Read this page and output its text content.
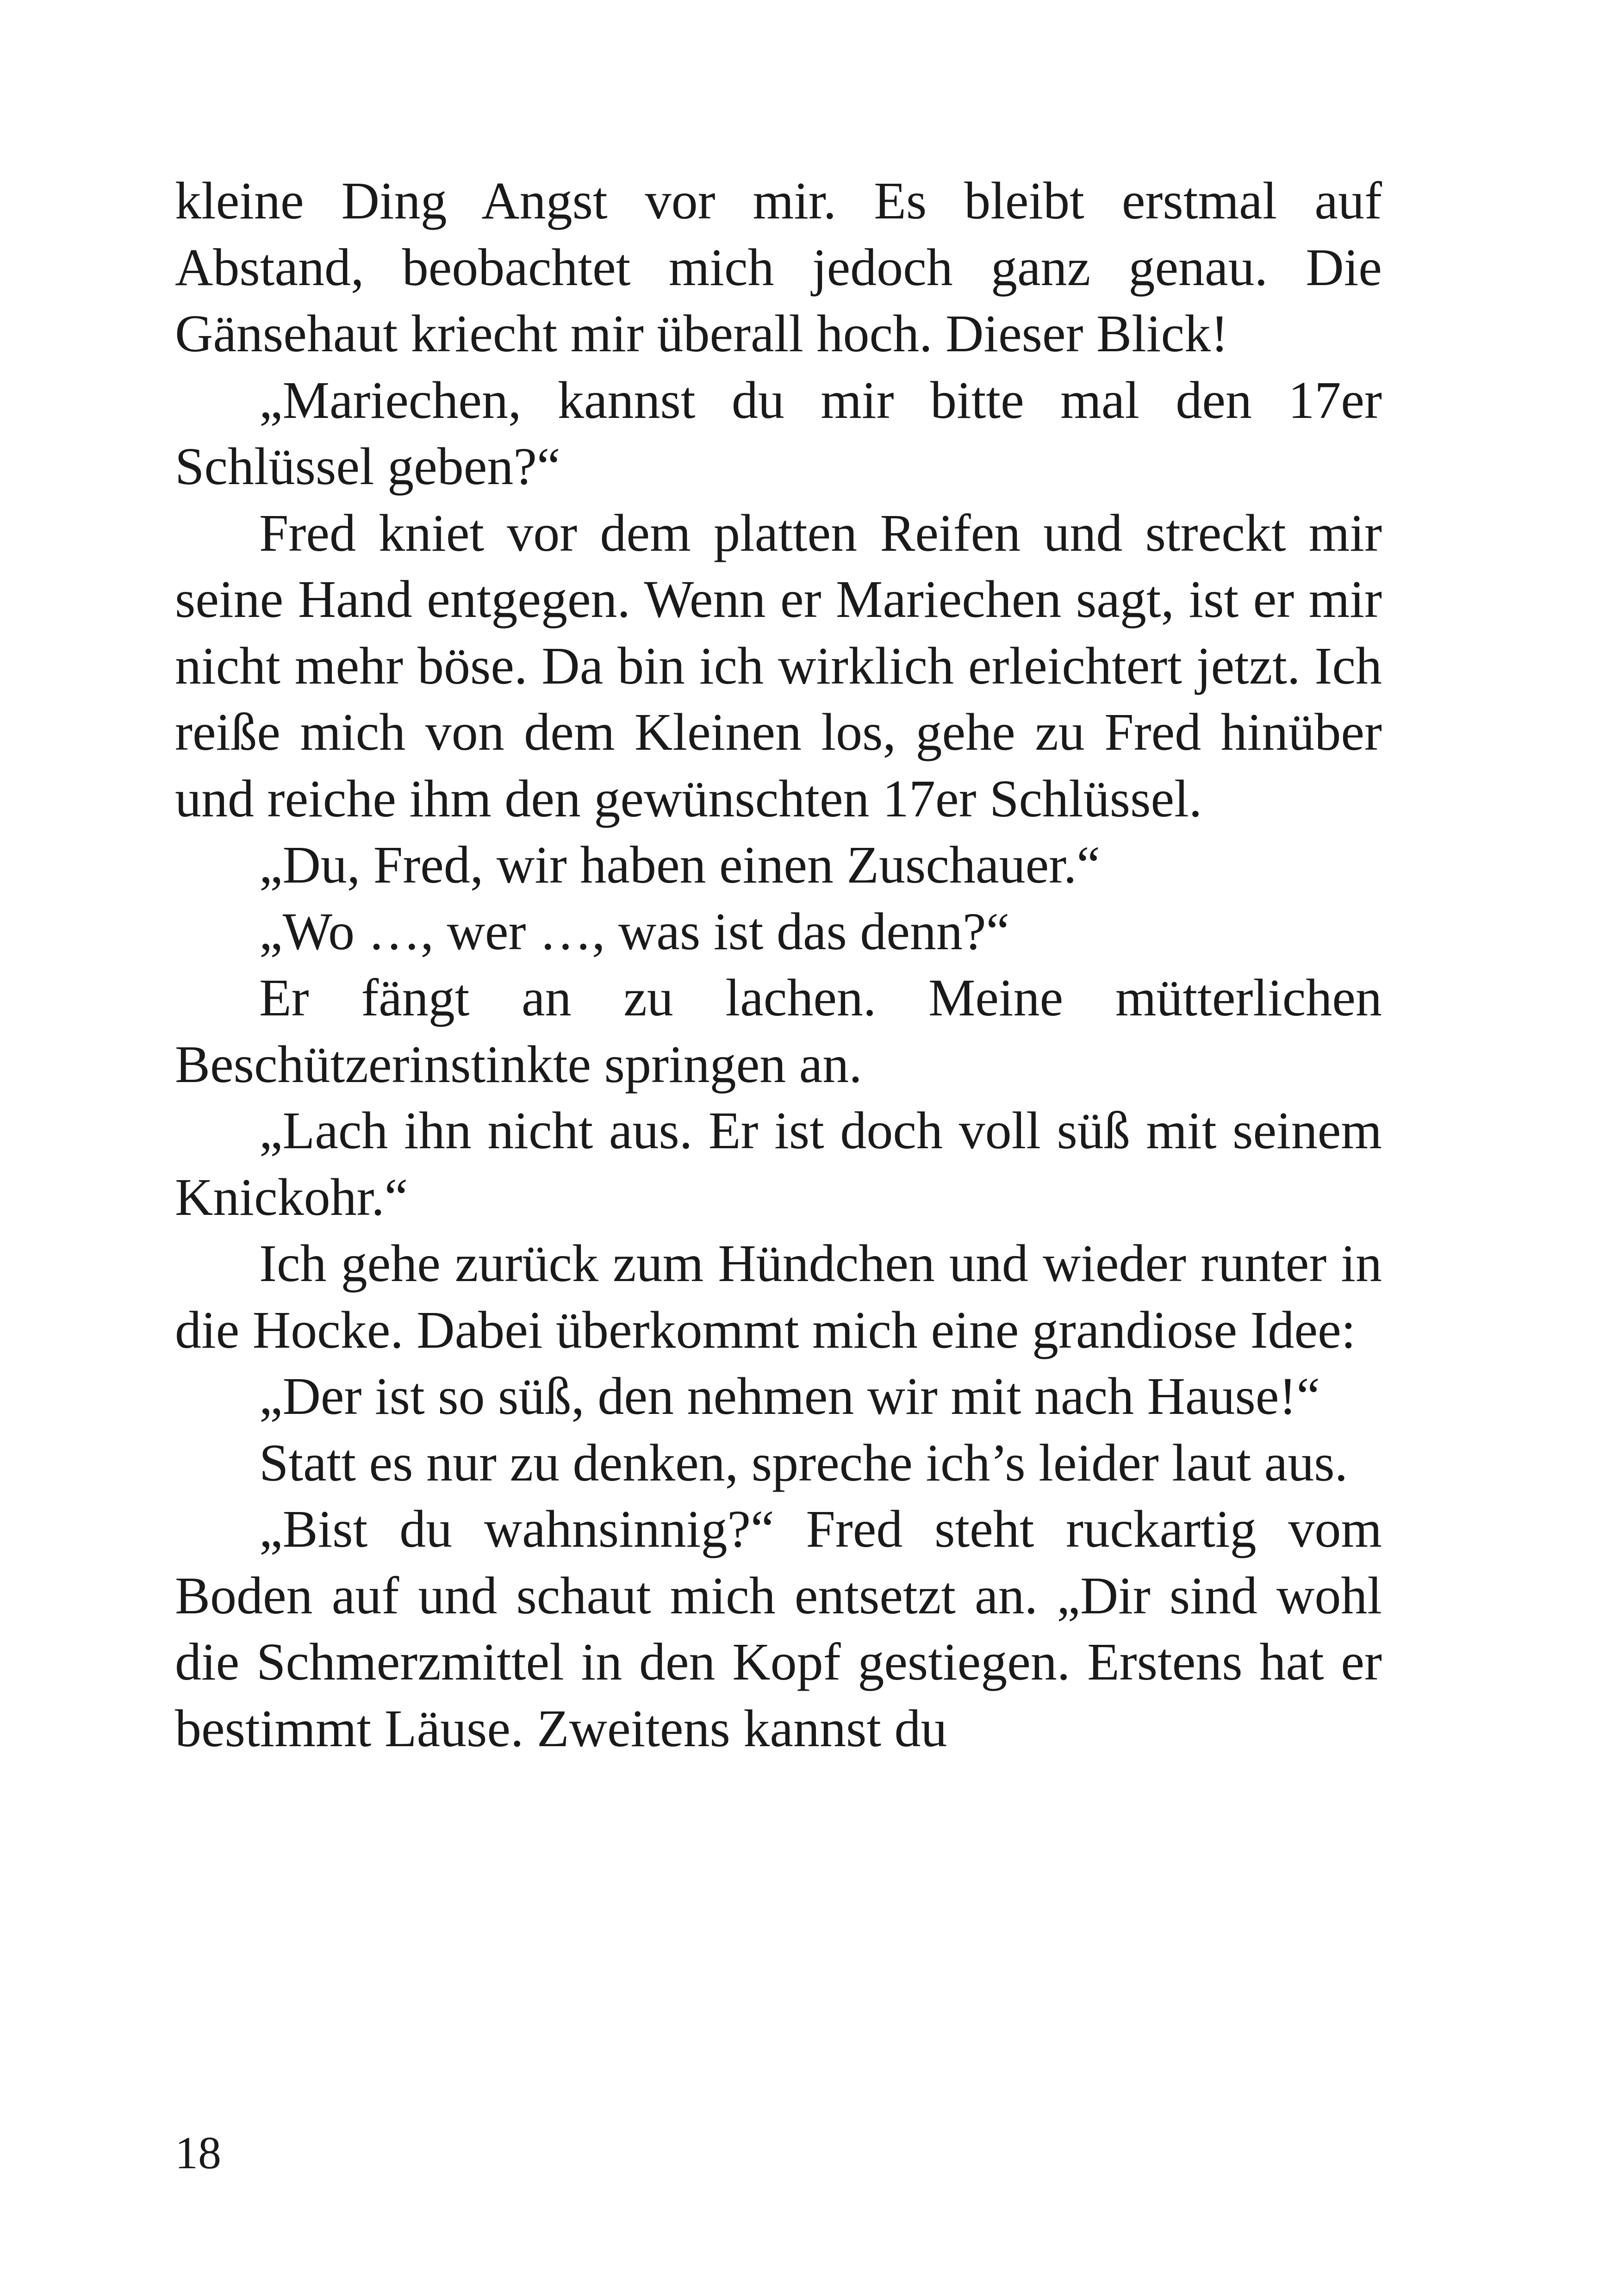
kleine Ding Angst vor mir. Es bleibt erstmal auf Abstand, beobachtet mich jedoch ganz genau. Die Gänsehaut kriecht mir überall hoch. Dieser Blick!

„Mariechen, kannst du mir bitte mal den 17er Schlüssel geben?“

Fred kniet vor dem platten Reifen und streckt mir seine Hand entgegen. Wenn er Mariechen sagt, ist er mir nicht mehr böse. Da bin ich wirklich erleichtert jetzt. Ich reiße mich von dem Kleinen los, gehe zu Fred hinüber und reiche ihm den gewünschten 17er Schlüssel.

„Du, Fred, wir haben einen Zuschauer.“

„Wo …, wer …, was ist das denn?“

Er fängt an zu lachen. Meine mütterlichen Beschützerinstinkte springen an.

„Lach ihn nicht aus. Er ist doch voll süß mit seinem Knickohr.“

Ich gehe zurück zum Hündchen und wieder runter in die Hocke. Dabei überkommt mich eine grandiose Idee:

„Der ist so süß, den nehmen wir mit nach Hause!“

Statt es nur zu denken, spreche ich’s leider laut aus.

„Bist du wahnsinnig?“ Fred steht ruckartig vom Boden auf und schaut mich entsetzt an. „Dir sind wohl die Schmerzmittel in den Kopf gestiegen. Erstens hat er bestimmt Läuse. Zweitens kannst du

18
